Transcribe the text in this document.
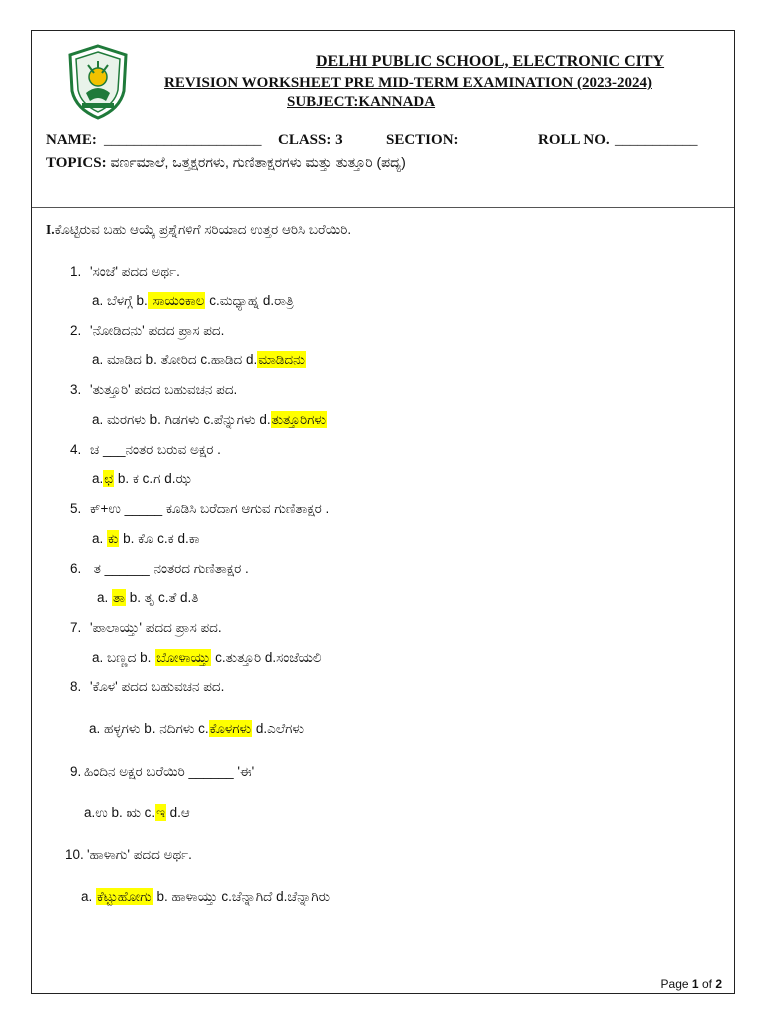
DELHI PUBLIC SCHOOL, ELECTRONIC CITY
REVISION WORKSHEET PRE MID-TERM EXAMINATION (2023-2024)
SUBJECT:KANNADA
NAME: _____________________ CLASS: 3	SECTION:	ROLL NO. ___________
TOPICS: ವರ್ಣಮಾಲೆ, ಒತ್ತಕ್ಷರಗಳು, ಗುಣಿತಾಕ್ಷರಗಳು ಮತ್ತು ತುತ್ತೂರಿ (ಪದ್ಯ)
I.ಕೊಟ್ಟಿರುವ ಬಹು ಆಯ್ಕೆ ಪ್ರಶ್ನೆಗಳಿಗೆ ಸರಿಯಾದ ಉತ್ತರ ಆರಿಸಿ ಬರೆಯಿರಿ.
1. 'ಸಂಜೆ' ಪದದ ಅರ್ಥ.
a. ಬೆಳಗ್ಗೆ b. ಸಾಯಂಕಾಲ c.ಮಧ್ಯಾಹ್ನ d.ರಾತ್ರಿ
2. 'ನೋಡಿದನು' ಪದದ ಪ್ರಾಸ ಪದ.
a. ಮಾಡಿದ b. ತೋರಿದ c.ಹಾಡಿದ d.ಮಾಡಿದನು
3. 'ತುತ್ತೂರಿ' ಪದದ ಬಹುವಚನ ಪದ.
a. ಮರಗಳು b. ಗಿಡಗಳು c.ಪೆನ್ನುಗಳು d.ತುತ್ತೂರಿಗಳು
4. ಚ ___ನಂತರ ಬರುವ ಅಕ್ಷರ .
a.ಛ b. ಕ c.ಗ d.ಝ
5. ಕ್+ಉ _____ ಕೂಡಿಸಿ ಬರೆದಾಗ ಆಗುವ ಗುಣಿತಾಕ್ಷರ .
a. ಕು b. ಕೊ c.ಕ d.ಕಾ
6. ತ ______ ನಂತರದ ಗುಣಿತಾಕ್ಷರ .
a. ತಾ b. ತೃ c.ತೆ d.ತಿ
7. 'ಪಾಲಾಯ್ತು' ಪದದ ಪ್ರಾಸ ಪದ.
a. ಬಣ್ಣದ b. ಬೋಳಾಯ್ತು c.ತುತ್ತೂರಿ d.ಸಂಜೆಯಲಿ
8. 'ಕೊಳ' ಪದದ ಬಹುವಚನ ಪದ.
a. ಹಳ್ಳಗಳು b. ನದಿಗಳು c.ಕೊಳಗಳು d.ಎಲೆಗಳು
9. ಹಿಂದಿನ ಅಕ್ಷರ ಬರೆಯಿರಿ ______ 'ಈ'
a.ಉ b. ಋ c.ಇ d.ಆ
10. 'ಹಾಳಾಗು' ಪದದ ಅರ್ಥ.
a. ಕೆಟ್ಟುಹೋಗು b. ಹಾಳಾಯ್ತು c.ಚೆನ್ನಾಗಿದೆ d.ಚೆನ್ನಾಗಿರು
Page 1 of 2
